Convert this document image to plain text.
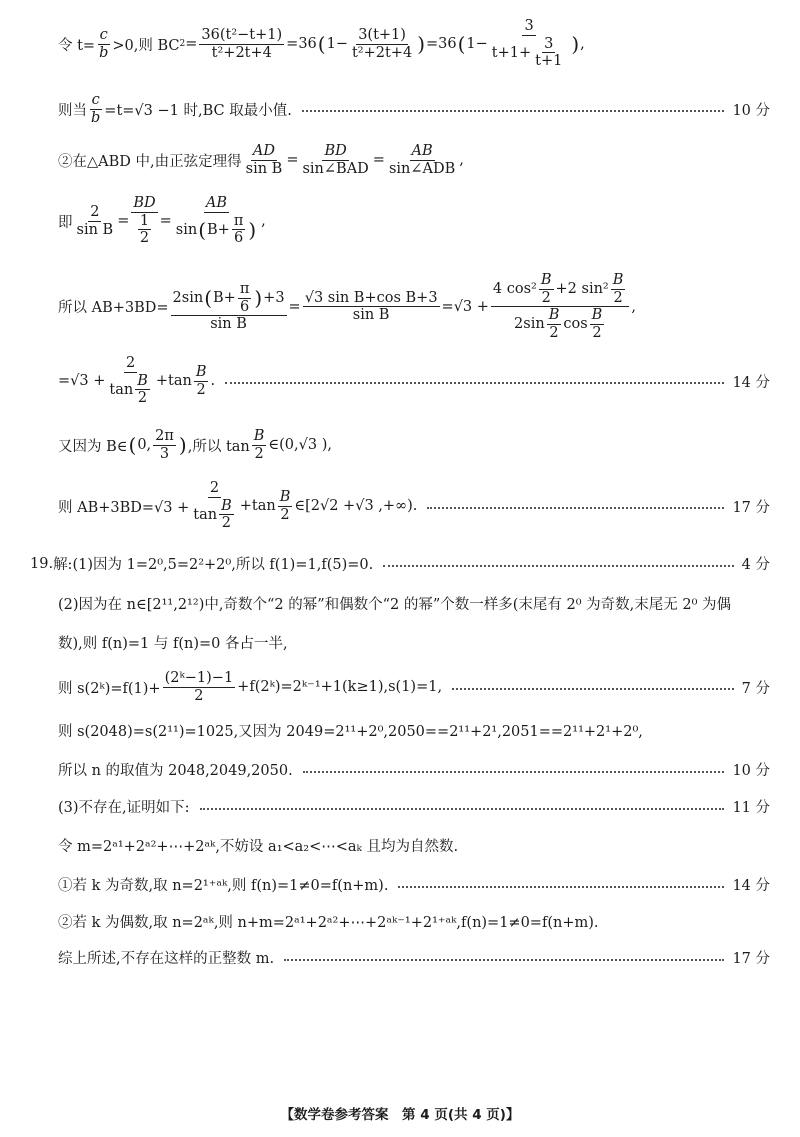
令 $t= \frac{c}{b} >0$,则 BC $2 = \frac{\text{36(t²−t+1)}}{\text{t²+2t+4}} =36$ ( $1- \frac{3(t+1)}{\text{t²+2t+4}}$ ) =36 ( $1- \frac{3}{t+1+ \frac{3}{t+1}}$ ) ,
则当 $\frac{c}{b} =t=√3 -1$ 时,BC 取最小值.	10 分
②在△ABD 中,由正弦定理得 $\frac{AD}{\text{sin B}} = \frac{BD}{\text{sin∠BAD}} = \frac{AB}{\text{sin∠ADB}}$ ,
即 $\frac{2}{\text{sin B}} = \frac{BD}{\frac{1}{2}} = \frac{AB}{\sin ( B+ \frac{\pi}{6} )}$ ,
所以 $AB+3BD= \frac{2\sin ( B+ \frac{\pi}{6} ) +3}{\text{sin B}} = \frac{\text{√3 sin B+cos B+3}}{\text{sin B}} =√3 + \frac{4 \cos^2 \frac{B}{2} +2 \sin^2 \frac{B}{2}}{2\sin \frac{B}{2} \cos \frac{B}{2}}$ ,
$=√3 + \frac{2}{\tan \frac{B}{2}} +\tan \frac{B}{2}$ .	14 分
又因为 B∈ ( 0, $\frac{2\pi}{3}$ ) ,所以 $\tan \frac{B}{2}$ ∈(0,√3 ),
则 $AB+3BD=√3 + \frac{2}{\tan \frac{B}{2}} +\tan \frac{B}{2}$ ∈[2√2 +√3 ,+∞).	17 分
19. 解:(1)因为 1=2⁰,5=2²+2⁰,所以 f(1)=1,f(5)=0.	4 分
(2)因为在 n∈[2¹¹,2¹²)中,奇数个“2 的幂”和偶数个“2 的幂”个数一样多(末尾有 2⁰ 为奇数,末尾无 2⁰ 为偶
数),则 f(n)=1 与 f(n)=0 各占一半,
则 s(2ᵏ)=f(1)+ $\frac{\text{(2ᵏ−1)−1}}{2}$ +f(2ᵏ)=2ᵏ⁻¹+1(k≥1),s(1)=1,	7 分
则 s(2048)=s(2¹¹)=1025,又因为 2049=2¹¹+2⁰,2050==2¹¹+2¹,2051==2¹¹+2¹+2⁰,
所以 n 的取值为 2048,2049,2050.	10 分
(3)不存在,证明如下:	11 分
令 m=2ᵃ¹+2ᵃ²+⋯+2ᵃᵏ,不妨设 a₁<a₂<⋯<aₖ 且均为自然数.
①若 k 为奇数,取 n=2¹⁺ᵃᵏ,则 f(n)=1≠0=f(n+m).	14 分
②若 k 为偶数,取 n=2ᵃᵏ,则 n+m=2ᵃ¹+2ᵃ²+⋯+2ᵃᵏ⁻¹+2¹⁺ᵃᵏ,f(n)=1≠0=f(n+m).
综上所述,不存在这样的正整数 m.	17 分
【数学卷参考答案　第 4 页(共 4 页)】
